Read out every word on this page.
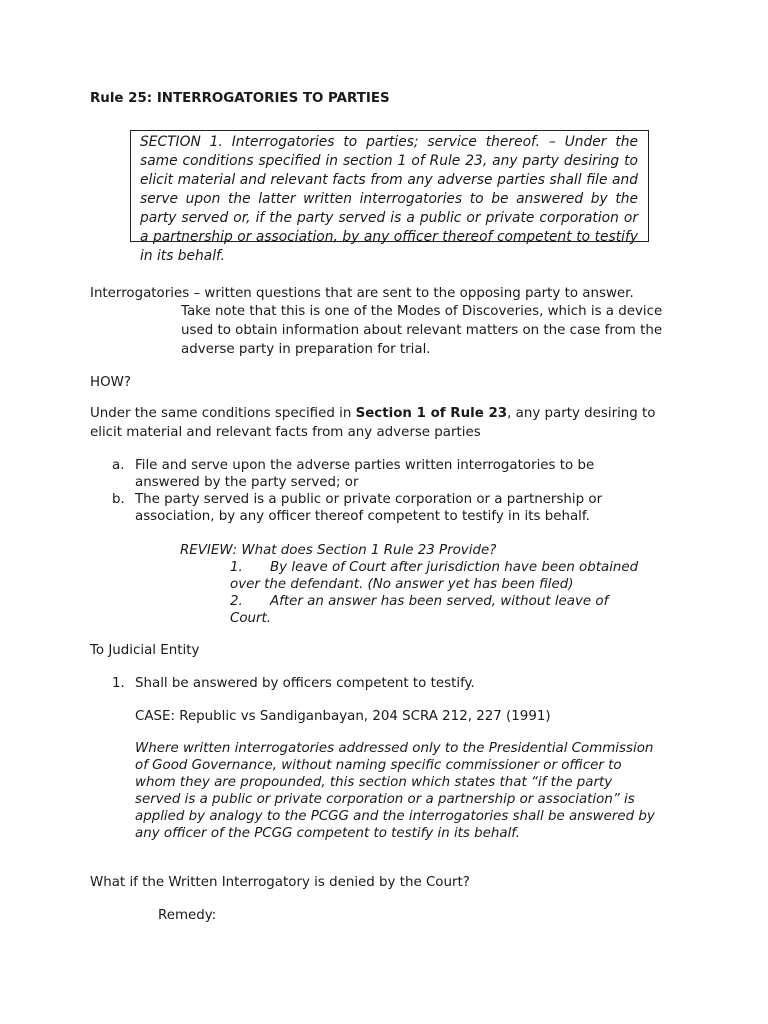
Rule 25: INTERROGATORIES TO PARTIES

SECTION 1. Interrogatories to parties; service thereof. – Under the same conditions specified in section 1 of Rule 23, any party desiring to elicit material and relevant facts from any adverse parties shall file and serve upon the latter written interrogatories to be answered by the party served or, if the party served is a public or private corporation or a partnership or association, by any officer thereof competent to testify in its behalf.

Interrogatories – written questions that are sent to the opposing party to answer.
Take note that this is one of the Modes of Discoveries, which is a device used to obtain information about relevant matters on the case from the adverse party in preparation for trial.
HOW?
Under the same conditions specified in Section 1 of Rule 23, any party desiring to elicit material and relevant facts from any adverse parties
a. File and serve upon the adverse parties written interrogatories to be answered by the party served; or
b. The party served is a public or private corporation or a partnership or association, by any officer thereof competent to testify in its behalf.
REVIEW: What does Section 1 Rule 23 Provide?
1. By leave of Court after jurisdiction have been obtained over the defendant. (No answer yet has been filed)
2. After an answer has been served, without leave of Court.
To Judicial Entity
1. Shall be answered by officers competent to testify.
CASE: Republic vs Sandiganbayan, 204 SCRA 212, 227 (1991)
Where written interrogatories addressed only to the Presidential Commission of Good Governance, without naming specific commissioner or officer to whom they are propounded, this section which states that “if the party served is a public or private corporation or a partnership or association” is applied by analogy to the PCGG and the interrogatories shall be answered by any officer of the PCGG competent to testify in its behalf.
What if the Written Interrogatory is denied by the Court?
Remedy:
